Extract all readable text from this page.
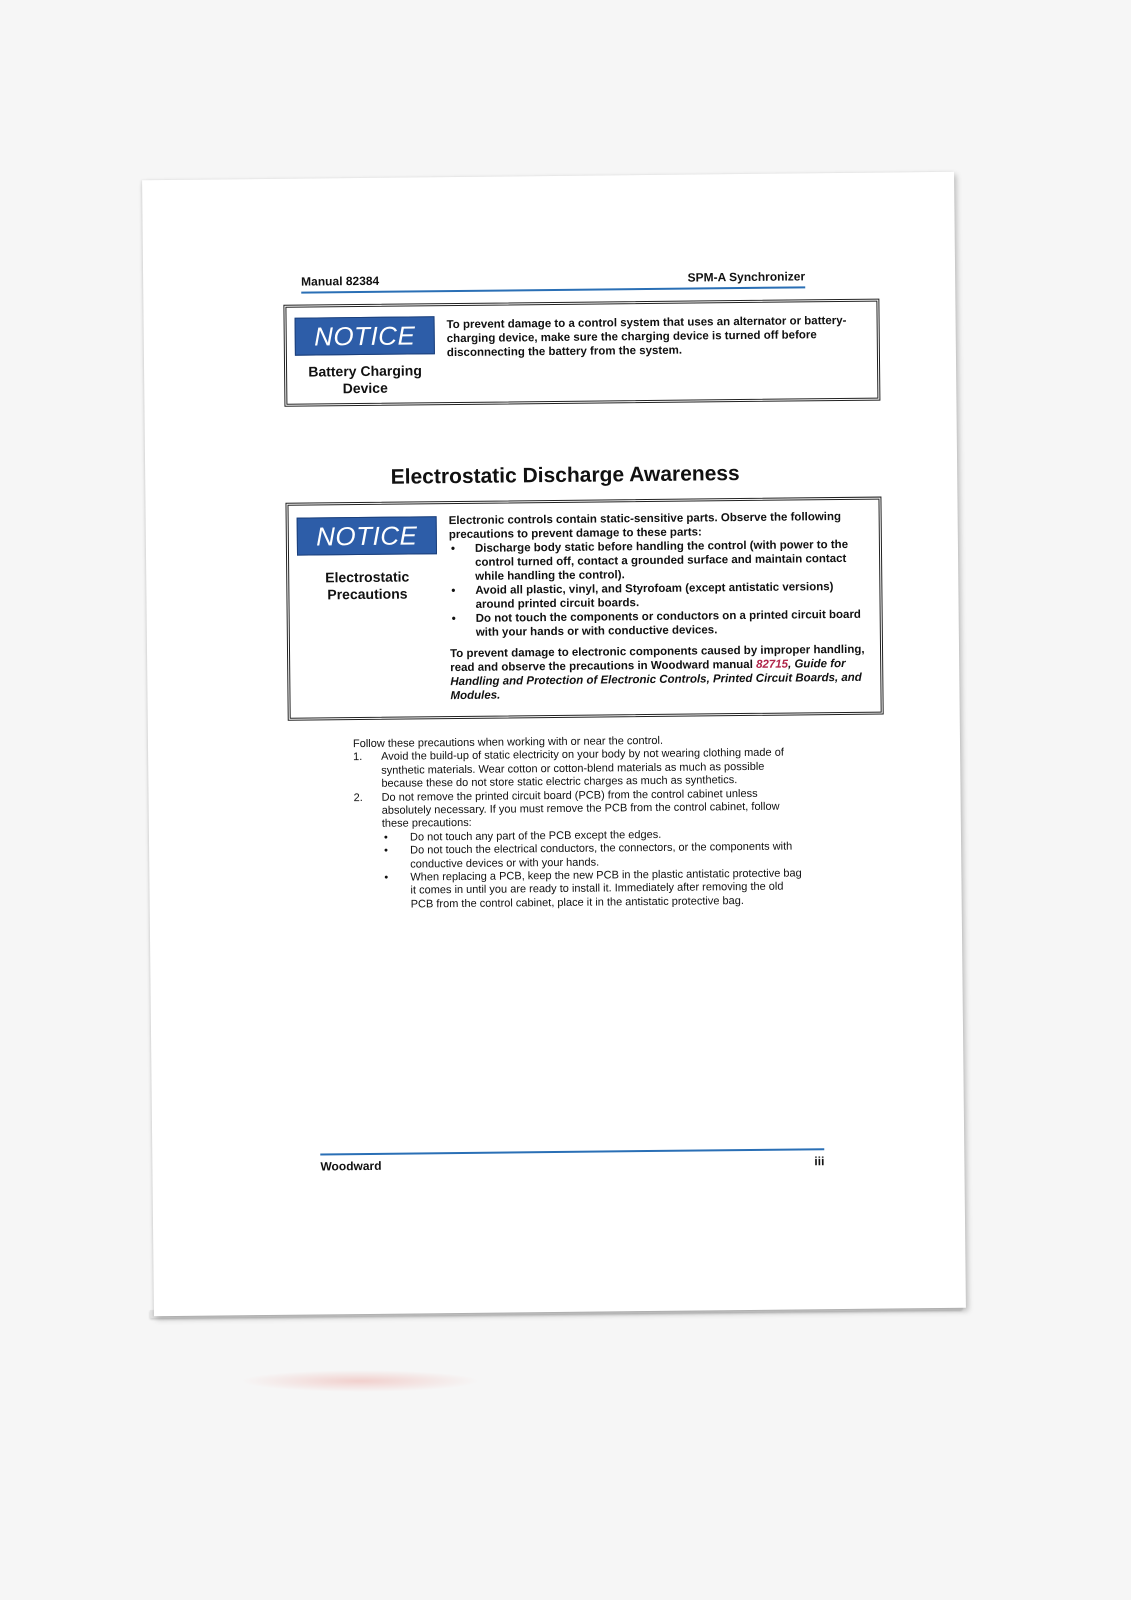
Manual 82384	SPM-A Synchronizer
NOTICE
Battery Charging Device

To prevent damage to a control system that uses an alternator or battery-charging device, make sure the charging device is turned off before disconnecting the battery from the system.

Electrostatic Discharge Awareness
NOTICE
Electrostatic Precautions

Electronic controls contain static-sensitive parts. Observe the following precautions to prevent damage to these parts:

• Discharge body static before handling the control (with power to the control turned off, contact a grounded surface and maintain contact while handling the control).
• Avoid all plastic, vinyl, and Styrofoam (except antistatic versions) around printed circuit boards.
• Do not touch the components or conductors on a printed circuit board with your hands or with conductive devices.

To prevent damage to electronic components caused by improper handling, read and observe the precautions in Woodward manual 82715, Guide for Handling and Protection of Electronic Controls, Printed Circuit Boards, and Modules.

Follow these precautions when working with or near the control.

1. Avoid the build-up of static electricity on your body by not wearing clothing made of synthetic materials. Wear cotton or cotton-blend materials as much as possible because these do not store static electric charges as much as synthetics.
2. Do not remove the printed circuit board (PCB) from the control cabinet unless absolutely necessary. If you must remove the PCB from the control cabinet, follow these precautions:
• Do not touch any part of the PCB except the edges.
• Do not touch the electrical conductors, the connectors, or the components with conductive devices or with your hands.
• When replacing a PCB, keep the new PCB in the plastic antistatic protective bag it comes in until you are ready to install it. Immediately after removing the old PCB from the control cabinet, place it in the antistatic protective bag.
Woodward	iii
